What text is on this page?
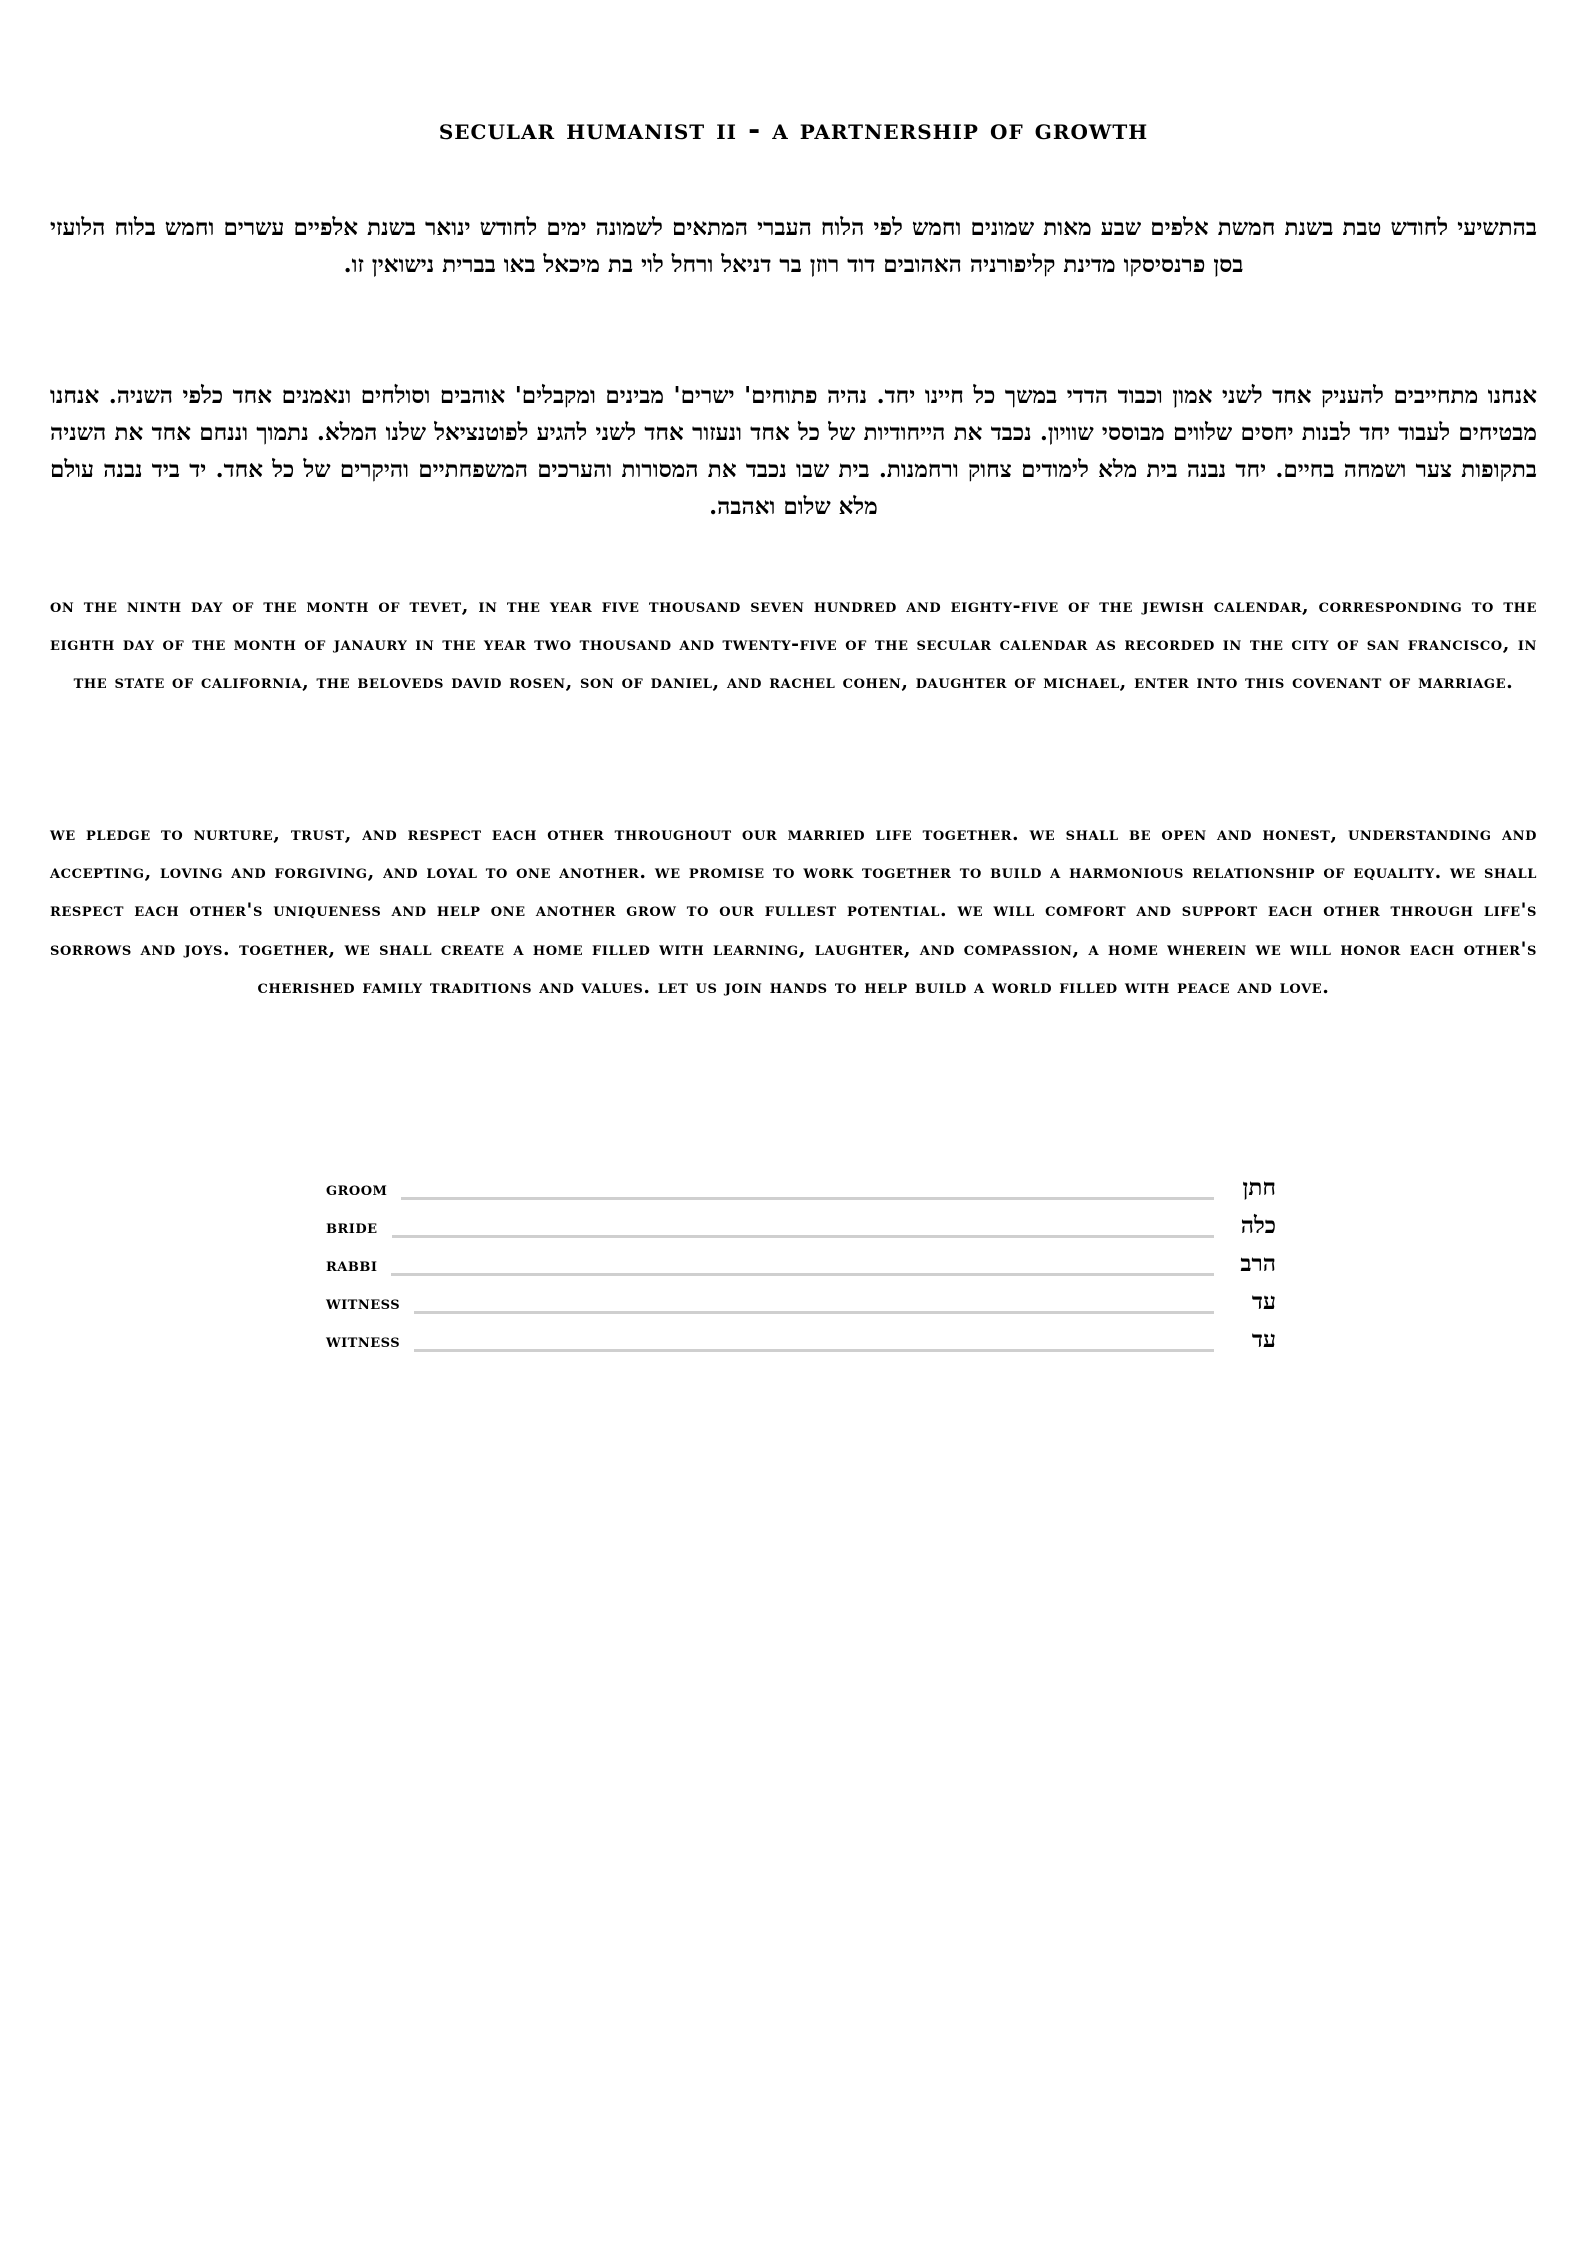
secular humanist ii - a partnership of growth

בהתשיעי לחודש טבת בשנת חמשת אלפים שבע מאות שמונים וחמש לפי הלוח העברי המתאים לשמונה ימים לחודש ינואר בשנת אלפיים עשרים וחמש בלוח הלועזי בסן פרנסיסקו מדינת קליפורניה האהובים דוד רוזן בר דניאל ורחל לוי בת מיכאל באו בברית נישואין זו.

אנחנו מתחייבים להעניק אחד לשני אמון וכבוד הדדי במשך כל חיינו יחד. נהיה פתוחים' ישרים' מבינים ומקבלים' אוהבים וסולחים ונאמנים אחד כלפי השניה. אנחנו מבטיחים לעבוד יחד לבנות יחסים שלווים מבוססי שוויון. נכבד את הייחודיות של כל אחד ונעזור אחד לשני להגיע לפוטנציאל שלנו המלא. נתמוך וננחם אחד את השניה בתקופות צער ושמחה בחיים. יחד נבנה בית מלא לימודים צחוק ורחמנות. בית שבו נכבד את המסורות והערכים המשפחתיים והיקרים של כל אחד. יד ביד נבנה עולם מלא שלום ואהבה.

on the ninth day of the month of tevet, in the year five thousand seven hundred and eighty-five of the jewish calendar, corresponding to the eighth day of the month of janaury in the year two thousand and twenty-five of the secular calendar as recorded in the city of san francisco, in the state of california, the beloveds david rosen, son of daniel, and rachel cohen, daughter of michael, enter into this covenant of marriage.

we pledge to nurture, trust, and respect each other throughout our married life together. we shall be open and honest, understanding and accepting, loving and forgiving, and loyal to one another. we promise to work together to build a harmonious relationship of equality. we shall respect each other's uniqueness and help one another grow to our fullest potential. we will comfort and support each other through life's sorrows and joys. together, we shall create a home filled with learning, laughter, and compassion, a home wherein we will honor each other's cherished family traditions and values. let us join hands to help build a world filled with peace and love.

groom	חתן
bride	כלה
rabbi	הרב
witness	עד
witness	עד
